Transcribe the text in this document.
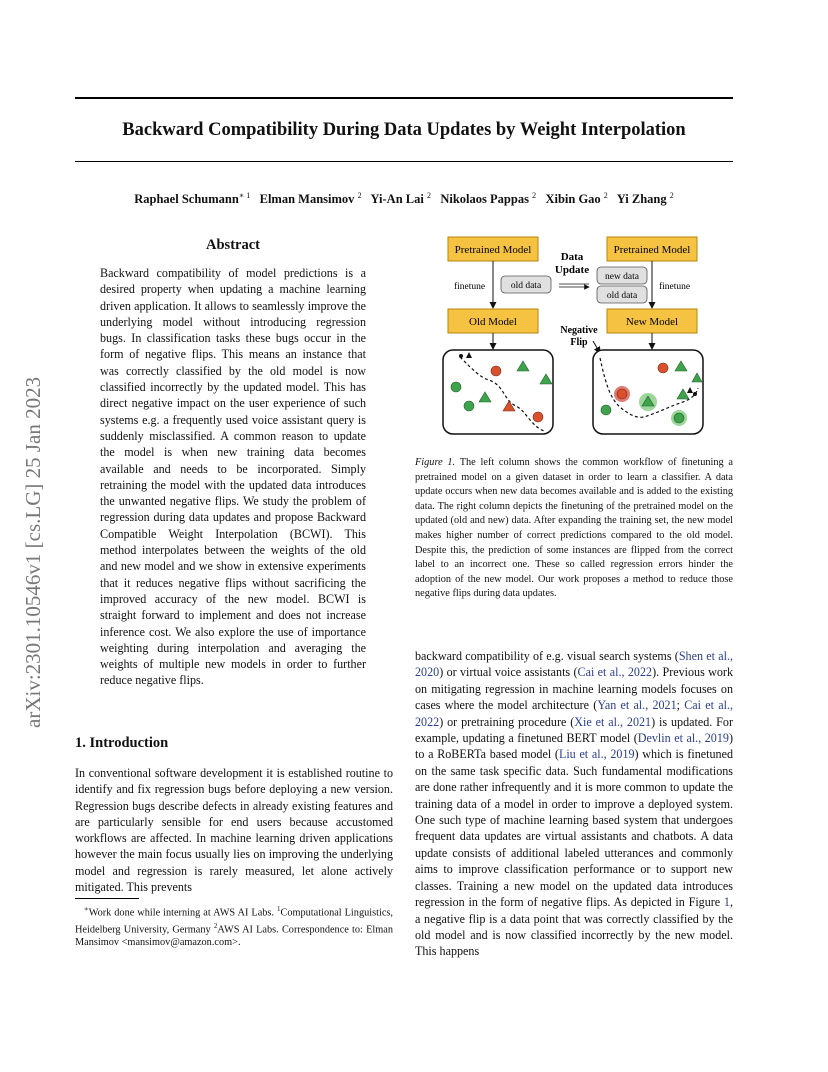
Backward Compatibility During Data Updates by Weight Interpolation
Raphael Schumann$^{∗ 1}$ Elman Mansimov $^2$ Yi-An Lai $^2$ Nikolaos Pappas $^2$ Xibin Gao $^2$ Yi Zhang $^2$
arXiv:2301.10546v1 [cs.LG] 25 Jan 2023
Abstract

Backward compatibility of model predictions is a desired property when updating a machine learning driven application. It allows to seamlessly improve the underlying model without introducing regression bugs. In classification tasks these bugs occur in the form of negative flips. This means an instance that was correctly classified by the old model is now classified incorrectly by the updated model. This has direct negative impact on the user experience of such systems e.g. a frequently used voice assistant query is suddenly misclassified. A common reason to update the model is when new training data becomes available and needs to be incorporated. Simply retraining the model with the updated data introduces the unwanted negative flips. We study the problem of regression during data updates and propose Backward Compatible Weight Interpolation (BCWI). This method interpolates between the weights of the old and new model and we show in extensive experiments that it reduces negative flips without sacrificing the improved accuracy of the new model. BCWI is straight forward to implement and does not increase inference cost. We also explore the use of importance weighting during interpolation and averaging the weights of multiple new models in order to further reduce negative flips.

1. Introduction

In conventional software development it is established routine to identify and fix regression bugs before deploying a new version. Regression bugs describe defects in already existing features and are particularly sensible for end users because accustomed workflows are affected. In machine learning driven applications however the main focus usually lies on improving the underlying model and regression is rarely measured, let alone actively mitigated. This prevents

∗Work done while interning at AWS AI Labs. $^1$Computational Linguistics, Heidelberg University, Germany $^2$AWS AI Labs. Correspondence to: Elman Mansimov <mansimov@amazon.com>.

Pretrained Model	Pretrained Model
Data
Update
finetune	finetune
old data
new data
old data
Old Model	New Model
Negative
Flip

Figure 1. The left column shows the common workflow of finetuning a pretrained model on a given dataset in order to learn a classifier. A data update occurs when new data becomes available and is added to the existing data. The right column depicts the finetuning of the pretrained model on the updated (old and new) data. After expanding the training set, the new model makes higher number of correct predictions compared to the old model. Despite this, the prediction of some instances are flipped from the correct label to an incorrect one. These so called regression errors hinder the adoption of the new model. Our work proposes a method to reduce those negative flips during data updates.

backward compatibility of e.g. visual search systems (Shen et al., 2020) or virtual voice assistants (Cai et al., 2022). Previous work on mitigating regression in machine learning models focuses on cases where the model architecture (Yan et al., 2021; Cai et al., 2022) or pretraining procedure (Xie et al., 2021) is updated. For example, updating a finetuned BERT model (Devlin et al., 2019) to a RoBERTa based model (Liu et al., 2019) which is finetuned on the same task specific data. Such fundamental modifications are done rather infrequently and it is more common to update the training data of a model in order to improve a deployed system. One such type of machine learning based system that undergoes frequent data updates are virtual assistants and chatbots. A data update consists of additional labeled utterances and commonly aims to improve classification performance or to support new classes. Training a new model on the updated data introduces regression in the form of negative flips. As depicted in Figure 1, a negative flip is a data point that was correctly classified by the old model and is now classified incorrectly by the new model. This happens
